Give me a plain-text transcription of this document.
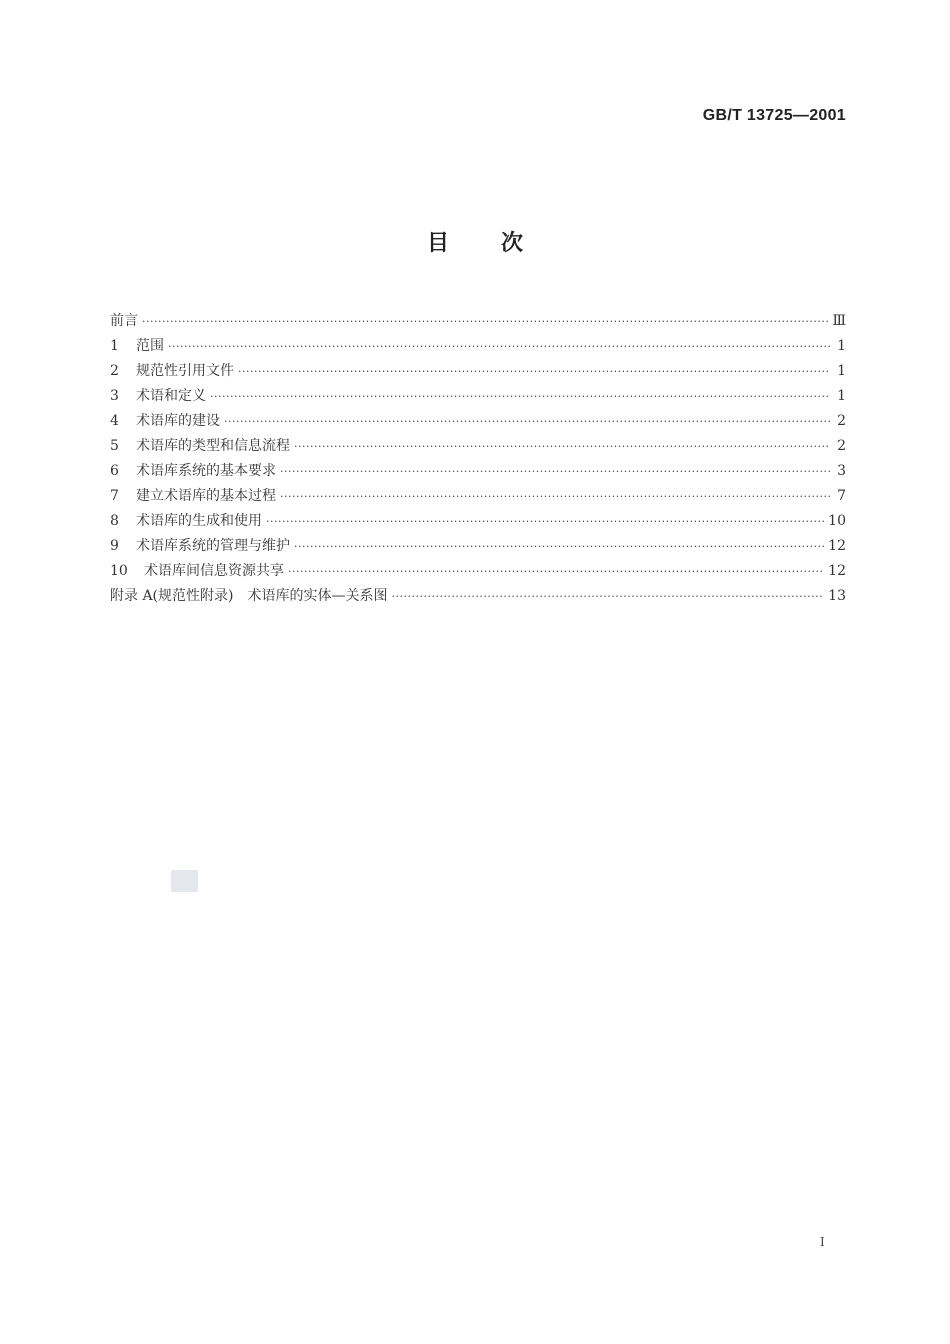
GB/T 13725—2001
目次
前言 ·····	Ⅲ
1 范围 ·····	1
2 规范性引用文件 ·····	1
3 术语和定义 ·····	1
4 术语库的建设 ·····	2
5 术语库的类型和信息流程 ·····	2
6 术语库系统的基本要求 ·····	3
7 建立术语库的基本过程 ·····	7
8 术语库的生成和使用 ·····	10
9 术语库系统的管理与维护 ·····	12
10 术语库间信息资源共享 ·····	12
附录 A(规范性附录)　术语库的实体—关系图 ·····	13
I
